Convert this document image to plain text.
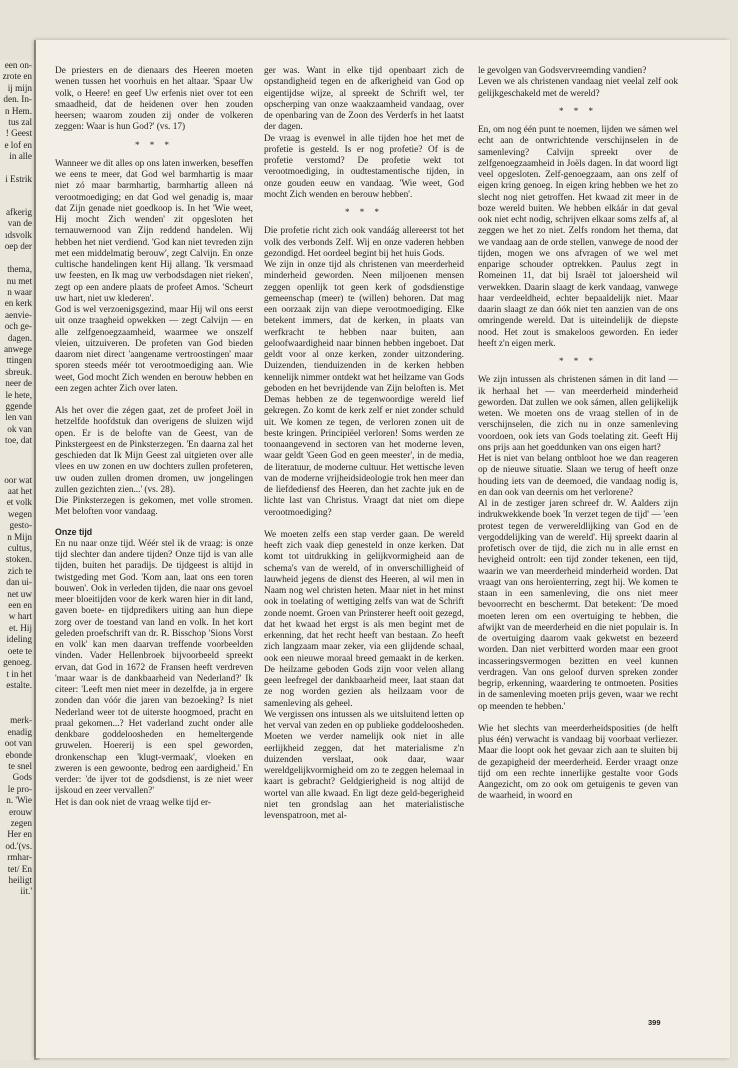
een on-
zrote en
ij mijn
den. In-
n Hem.
tus zal
! Geest
e lof en
in alle
i Estrik
afkerig
van de
ıdsvolk
oep der

thema,
nu met
n waar
en kerk
aenvie-
och ge-
dagen.
anwege
ttingen
sbreuk.
neer de
le hete,
ggende
len van
ok van
toe, dat
oor wat
aat het
et volk
wegen
gesto-
n Mijn
cultus,
stoken.
zich te
dan ui-
net uw
een en
w hart
et. Hij
ideling
oete te
genoeg.
t in het
estalte.
merk-
enadig
oot van
ebonde
te snel
Gods
le pro-
n. 'Wie
erouw
zegen
Her en
od.'(vs.
rmhar-
tet/ En
heiligt
iit.'

De priesters en de dienaars des Heeren moeten wenen tussen het voorhuis en het altaar. 'Spaar Uw volk, o Heere! en geef Uw erfenis niet over tot een smaadheid, dat de heidenen over hen zouden heersen; waarom zouden zij onder de volkeren zeggen: Waar is hun God?' (vs. 17)

* * *

Wanneer we dit alles op ons laten inwerken, beseffen we eens te meer, dat God wel barmhartig is maar niet zó maar barmhartig, barmhartig alleen ná verootmoediging; en dat God wel genadig is, maar dat Zijn genade niet goedkoop is. In het 'Wie weet, Hij mocht Zich wenden' zit opgesloten het ternauwernood van Zijn reddend handelen. Wij hebben het niet verdiend. 'God kan niet tevreden zijn met een middelmatig berouw', zegt Calvijn. En onze cultische handelingen kent Hij allang. 'Ik versmaad uw feesten, en Ik mag uw verbodsdagen niet rieken', zegt op een andere plaats de profeet Amos. 'Scheurt uw hart, niet uw klederen'.

God is wel verzoenigsgezind, maar Hij wil ons eerst uit onze traagheid opwekken — zegt Calvijn — en alle zelfgenoegzaamheid, waarmee we onszelf vleien, uitzuiveren. De profeten van God bieden daarom niet direct 'aangename vertroostingen' maar sporen steeds méér tot verootmoediging aan. Wie weet, God mocht Zich wenden en berouw hebben en een zegen achter Zich over laten.

Als het over die zégen gaat, zet de profeet Joël in hetzelfde hoofdstuk dan overigens de sluizen wijd open. Er is de belofte van de Geest, van de Pinkstergeest en de Pinksterzegen. 'En daarna zal het geschieden dat Ik Mijn Geest zal uitgieten over alle vlees en uw zonen en uw dochters zullen profeteren, uw ouden zullen dromen dromen, uw jongelingen zullen gezichten zien...' (vs. 28).

Die Pinksterzegen is gekomen, met volle stromen. Met beloften voor vandaag.

Onze tijd

En nu naar onze tijd. Wéér stel ik de vraag: is onze tijd slechter dan andere tijden? Onze tijd is van alle tijden, buiten het paradijs. De tijdgeest is altijd in twistgeding met God. 'Kom aan, laat ons een toren bouwen'. Ook in verleden tijden, die naar ons gevoel meer bloeitijden voor de kerk waren hier in dit land, gaven boete- en tijdpredikers uiting aan hun diepe zorg over de toestand van land en volk. In het kort geleden proefschrift van dr. R. Bisschop 'Sions Vorst en volk' kan men daarvan treffende voorbeelden vinden. Vader Hellenbroek bijvoorbeeld spreekt ervan, dat God in 1672 de Fransen heeft verdreven 'maar waar is de dankbaarheid van Nederland?' Ik citeer: 'Leeft men niet meer in dezelfde, ja in ergere zonden dan vóór die jaren van bezoeking? Is niet Nederland weer tot de uiterste hoogmoed, pracht en praal gekomen...? Het vaderland zucht onder alle denkbare goddeloosheden en hemeltergende gruwelen. Hoererij is een spel geworden, dronkenschap een 'klugt-vermaak', vloeken en zweren is een gewoonte, bedrog een aardigheid.' En verder: 'de ijver tot de godsdienst, is ze niet weer ijskoud en zeer vervallen?'

Het is dan ook niet de vraag welke tijd er-

ger was. Want in elke tijd openbaart zich de opstandigheid tegen en de afkerigheid van God op eigentijdse wijze, al spreekt de Schrift wel, ter opscherping van onze waakzaamheid vandaag, over de openbaring van de Zoon des Verderfs in het laatst der dagen.

De vraag is evenwel in alle tijden hoe het met de profetie is gesteld. Is er nog profetie? Of is de profetie verstomd? De profetie wekt tot verootmoediging, in oudtestamentische tijden, in onze gouden eeuw en vandaag. 'Wie weet, God mocht Zich wenden en berouw hebben'.

* * *

Die profetie richt zich ook vandáág allereerst tot het volk des verbonds Zelf. Wij en onze vaderen hebben gezondigd. Het oordeel begint bij het huis Gods.

We zijn in onze tijd als christenen van meerderheid minderheid geworden. Neen miljoenen mensen zeggen openlijk tot geen kerk of godsdienstige gemeenschap (meer) te (willen) behoren. Dat mag een oorzaak zijn van diepe verootmoediging. Elke betekent immers, dat de kerken, in plaats van werfkracht te hebben naar buiten, aan geloofwaardigheid naar binnen hebben ingeboet. Dat geldt voor al onze kerken, zonder uitzondering. Duizenden, tienduizenden in de kerken hebben kennelijk nimmer ontdekt wat het heilzame van Gods geboden en het bevrijdende van Zijn beloften is. Met Demas hebben ze de tegenwoordige wereld lief gekregen. Zo komt de kerk zelf er niet zonder schuld uit. We komen ze tegen, de verloren zonen uit de beste kringen. Principiëel verloren! Soms werden ze toonaangevend in sectoren van het moderne leven, waar geldt 'Geen God en geen meester', in de media, de literatuur, de moderne cultuur. Het wettische leven van de moderne vrijheidsideologie trok hen meer dan de liefdediensf des Heeren, dan het zachte juk en de lichte last van Christus. Vraagt dat niet om diepe verootmoediging?

We moeten zelfs een stap verder gaan. De wereld heeft zich vaak diep genesteld in onze kerken. Dat komt tot uitdrukking in gelijkvormigheid aan de schema's van de wereld, of in onverschilligheid of lauwheid jegens de dienst des Heeren, al wil men in Naam nog wel christen heten. Maar niet in het minst ook in toelating of wettiging zelfs van wat de Schrift zonde noemt. Groen van Prinsterer heeft ooit gezegd, dat het kwaad het ergst is als men begint met de erkenning, dat het recht heeft van bestaan. Zo heeft zich langzaam maar zeker, via een glijdende schaal, ook een nieuwe moraal breed gemaakt in de kerken. De heilzame geboden Gods zijn voor velen allang geen leefregel der dankbaarheid meer, laat staan dat ze nog worden gezien als heilzaam voor de samenleving als geheel.

We vergissen ons intussen als we uitsluitend letten op het verval van zeden en op publieke goddeloosheden. Moeten we verder namelijk ook niet in alle eerlijkheid zeggen, dat het materialisme z'n duizenden verslaat, ook daar, waar wereldgelijkvormigheid om zo te zeggen helemaal in kaart is gebracht? Geldgierigheid is nog altijd de wortel van alle kwaad. En ligt deze geld-begerigheid niet ten grondslag aan het materialistische levenspatroon, met al-

le gevolgen van Godsvervreemding vandien?

Leven we als christenen vandaag niet veelal zelf ook gelijkgeschakeld met de wereld?

* * *

En, om nog één punt te noemen, lijden we sámen wel echt aan de ontwrichtende verschijnselen in de samenleving? Calvijn spreekt over de zelfgenoegzaamheid in Joëls dagen. In dat woord ligt veel opgesloten. Zelf-genoegzaam, aan ons zelf of eigen kring genoeg. In eigen kring hebben we het zo slecht nog niet getroffen. Het kwaad zit meer in de boze wereld buiten. We hebben elkáár in dat geval ook niet echt nodig, schrijven elkaar soms zelfs af, al zeggen we het zo niet. Zelfs rondom het thema, dat we vandaag aan de orde stellen, vanwege de nood der tijden, mogen we ons afvragen of we wel met enparige schouder optrekken. Paulus zegt in Romeinen 11, dat bij Israël tot jaloersheid wil verwekken. Daarin slaagt de kerk vandaag, vanwege haar verdeeldheid, echter bepaaldelijk niet. Maar daarin slaagt ze dan óók niet ten aanzien van de ons omringende wereld. Dat is uiteindelijk de diepste nood. Het zout is smakeloos geworden. En ieder heeft z'n eigen merk.

* * *

We zijn intussen als christenen sámen in dit land — ik herhaal het — van meerderheid minderheid geworden. Dat zullen we ook sámen, allen gelijkelijk weten. We moeten ons de vraag stellen of in de verschijnselen, die zich nu in onze samenleving voordoen, ook iets van Gods toelating zit. Geeft Hij ons prijs aan het goeddunken van ons eigen hart?

Het is niet van belang ontbloot hoe we dan reageren op de nieuwe situatie. Slaan we terug of heeft onze houding iets van de deemoed, die vandaag nodig is, en dan ook van deernis om het verlorene?

Al in de zestiger jaren schreef dr. W. Aalders zijn indrukwekkende boek 'In verzet tegen de tijd' — 'een protest tegen de verwereldlijking van God en de vergoddelijking van de wereld'. Hij spreekt daarin al profetisch over de tijd, die zich nu in alle ernst en hevigheid ontrolt: een tijd zonder tekenen, een tijd, waarin we van meerderheid minderheid worden. Dat vraagt van ons heroïenterring, zegt hij. We komen te staan in een samenleving, die ons niet meer bevoorrecht en beschermt. Dat betekent: 'De moed moeten leren om een overtuiging te hebben, die afwijkt van de meerderheid en die niet populair is. In de overtuiging daarom vaak gekwetst en bezeerd worden. Dan niet verbitterd worden maar een groot incasseringsvermogen bezitten en veel kunnen verdragen. Van ons geloof durven spreken zonder begrip, erkenning, waardering te ontmoeten. Posities in de samenleving moeten prijs geven, waar we recht op meenden te hebben.'

Wie het slechts van meerderheidsposities (de helft plus één) verwacht is vandaag bij voorbaat verliezer. Maar die loopt ook het gevaar zich aan te sluiten bij de gezapigheid der meerderheid. Eerder vraagt onze tijd om een rechte innerlijke gestalte voor Gods Aangezicht, om zo ook om getuigenis te geven van de waarheid, in woord en

399
